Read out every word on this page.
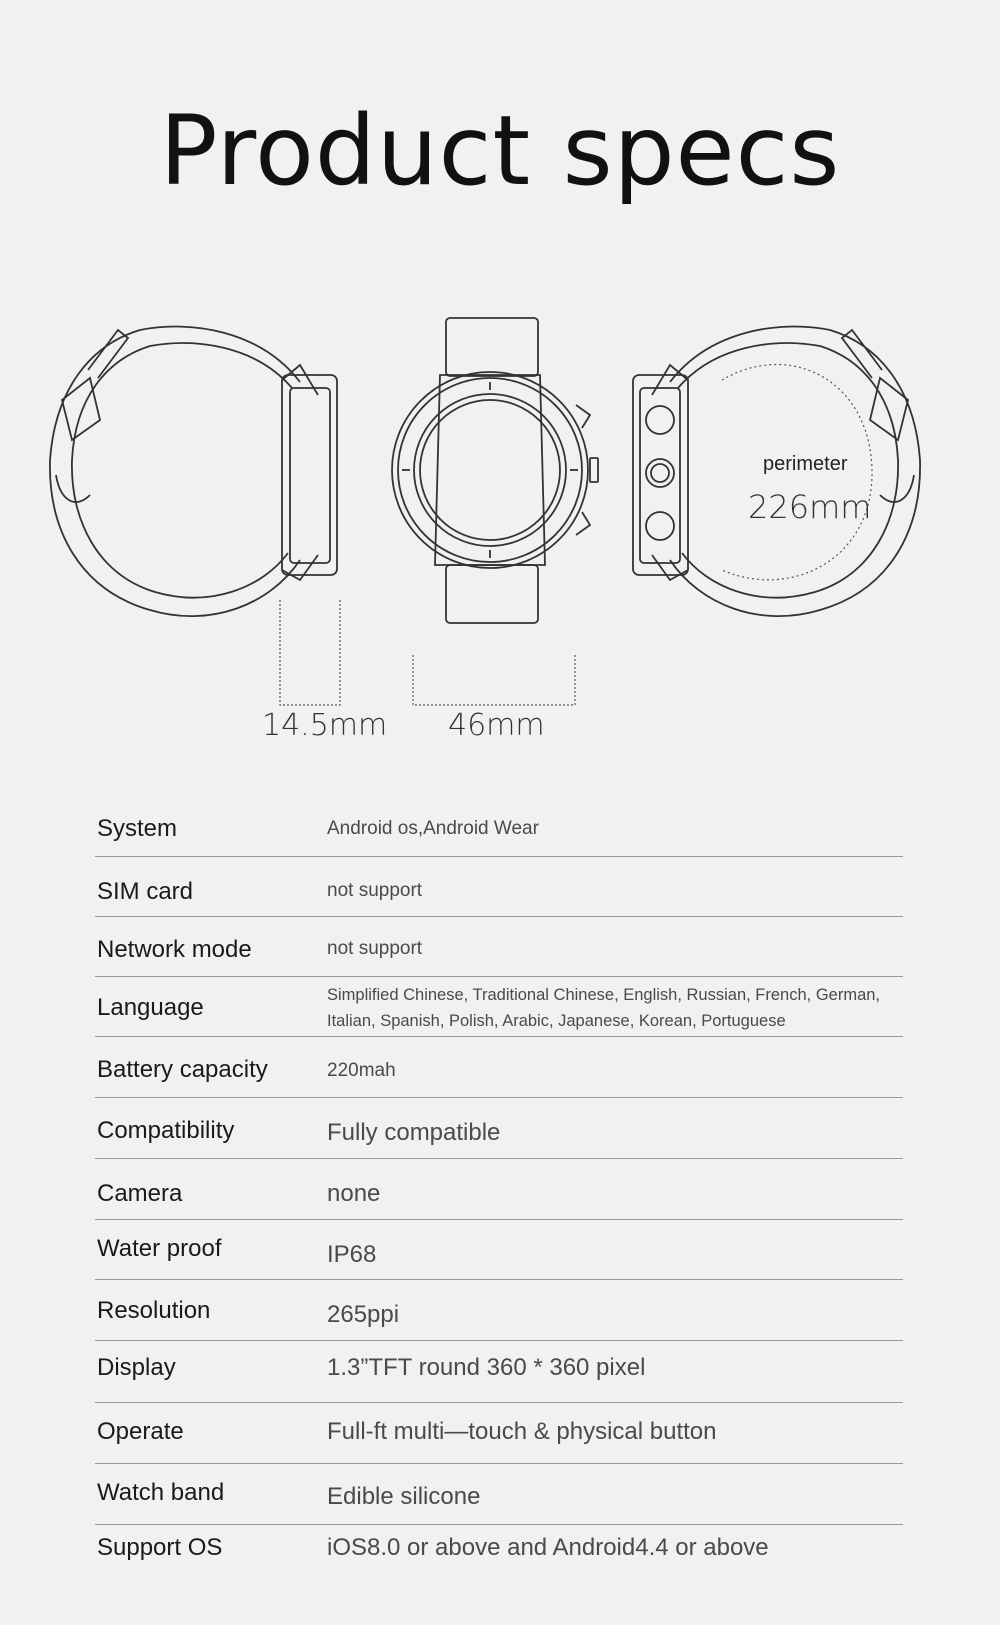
Product specs
14.5mm 46mm
perimeter
226mm
System	Android os,Android Wear
SIM card	not support
Network mode	not support
Language	Simplified Chinese, Traditional Chinese, English, Russian, French, German, Italian, Spanish, Polish, Arabic, Japanese, Korean, Portuguese
Battery capacity	220mah
Compatibility	Fully compatible
Camera	none
Water proof	IP68
Resolution	265ppi
Display	1.3”TFT round 360 * 360 pixel
Operate	Full-ft multi—touch & physical button
Watch band	Edible silicone
Support OS	iOS8.0 or above and Android4.4 or above
